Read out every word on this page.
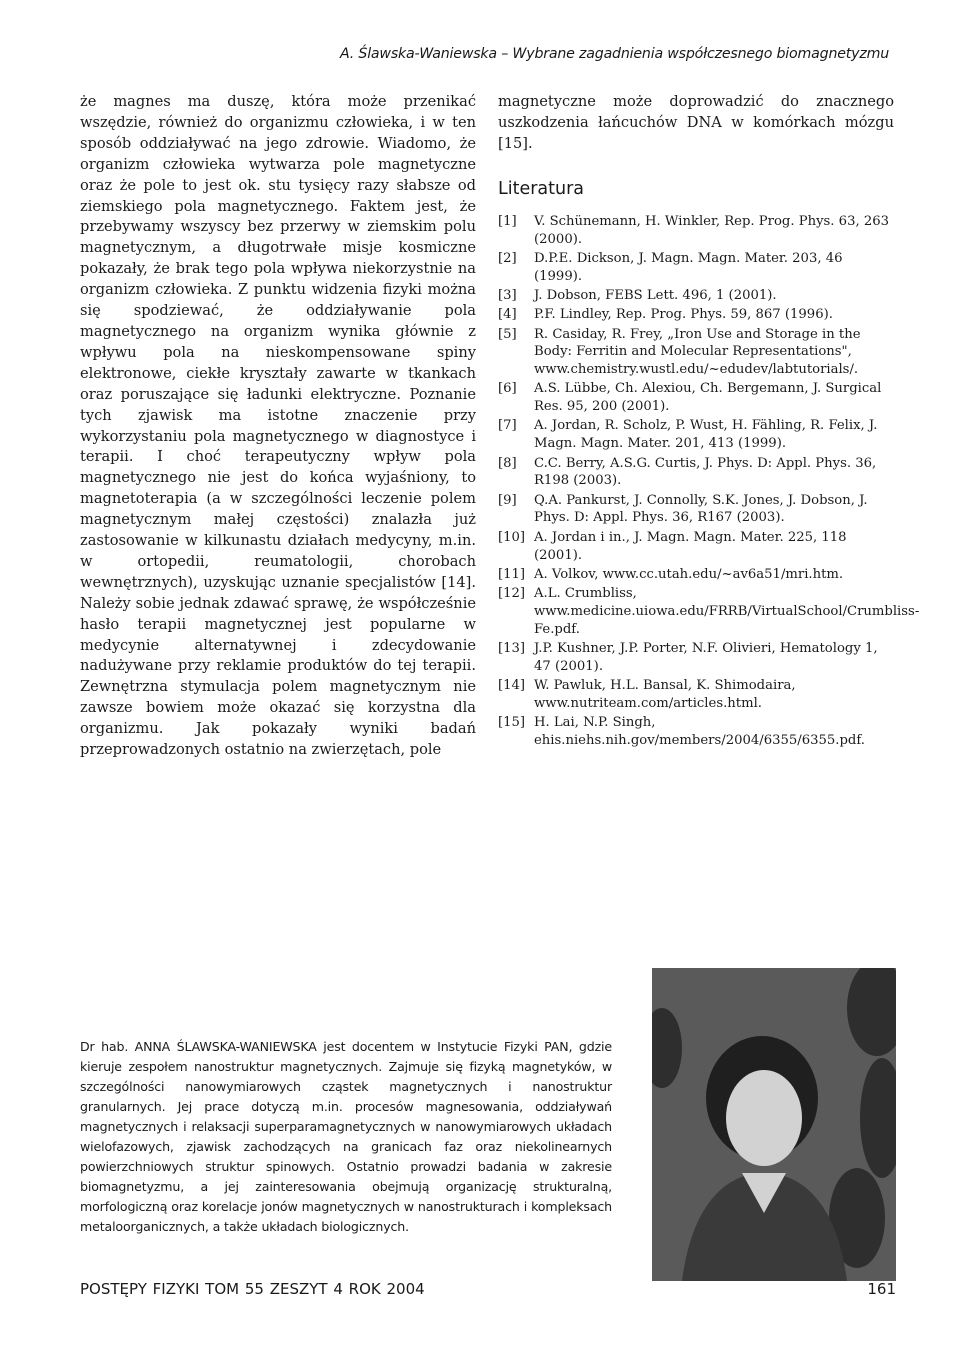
A. Ślawska-Waniewska – Wybrane zagadnienia współczesnego biomagnetyzmu

że magnes ma duszę, która może przenikać wszędzie, również do organizmu człowieka, i w ten sposób oddziaływać na jego zdrowie. Wiadomo, że organizm człowieka wytwarza pole magnetyczne oraz że pole to jest ok. stu tysięcy razy słabsze od ziemskiego pola magnetycznego. Faktem jest, że przebywamy wszyscy bez przerwy w ziemskim polu magnetycznym, a długotrwałe misje kosmiczne pokazały, że brak tego pola wpływa niekorzystnie na organizm człowieka. Z punktu widzenia fizyki można się spodziewać, że oddziaływanie pola magnetycznego na organizm wynika głównie z wpływu pola na nieskompensowane spiny elektronowe, ciekłe kryształy zawarte w tkankach oraz poruszające się ładunki elektryczne. Poznanie tych zjawisk ma istotne znaczenie przy wykorzystaniu pola magnetycznego w diagnostyce i terapii. I choć terapeutyczny wpływ pola magnetycznego nie jest do końca wyjaśniony, to magnetoterapia (a w szczególności leczenie polem magnetycznym małej częstości) znalazła już zastosowanie w kilkunastu działach medycyny, m.in. w ortopedii, reumatologii, chorobach wewnętrznych), uzyskując uznanie specjalistów [14]. Należy sobie jednak zdawać sprawę, że współcześnie hasło terapii magnetycznej jest popularne w medycynie alternatywnej i zdecydowanie nadużywane przy reklamie produktów do tej terapii. Zewnętrzna stymulacja polem magnetycznym nie zawsze bowiem może okazać się korzystna dla organizmu. Jak pokazały wyniki badań przeprowadzonych ostatnio na zwierzętach, pole

magnetyczne może doprowadzić do znacznego uszkodzenia łańcuchów DNA w komórkach mózgu [15].

Literatura
[1]	V. Schünemann, H. Winkler, Rep. Prog. Phys. 63, 263 (2000).
[2]	D.P.E. Dickson, J. Magn. Magn. Mater. 203, 46 (1999).
[3]	J. Dobson, FEBS Lett. 496, 1 (2001).
[4]	P.F. Lindley, Rep. Prog. Phys. 59, 867 (1996).
[5]	R. Casiday, R. Frey, „Iron Use and Storage in the Body: Ferritin and Molecular Representations", www.chemistry.wustl.edu/~edudev/labtutorials/.
[6]	A.S. Lübbe, Ch. Alexiou, Ch. Bergemann, J. Surgical Res. 95, 200 (2001).
[7]	A. Jordan, R. Scholz, P. Wust, H. Fähling, R. Felix, J. Magn. Magn. Mater. 201, 413 (1999).
[8]	C.C. Berry, A.S.G. Curtis, J. Phys. D: Appl. Phys. 36, R198 (2003).
[9]	Q.A. Pankurst, J. Connolly, S.K. Jones, J. Dobson, J. Phys. D: Appl. Phys. 36, R167 (2003).
[10] A. Jordan i in., J. Magn. Magn. Mater. 225, 118 (2001).
[11] A. Volkov, www.cc.utah.edu/~av6a51/mri.htm.
[12] A.L. Crumbliss, www.medicine.uiowa.edu/FRRB/VirtualSchool/Crumbliss-Fe.pdf.
[13] J.P. Kushner, J.P. Porter, N.F. Olivieri, Hematology 1, 47 (2001).
[14] W. Pawluk, H.L. Bansal, K. Shimodaira, www.nutriteam.com/articles.html.
[15] H. Lai, N.P. Singh, ehis.niehs.nih.gov/members/2004/6355/6355.pdf.
Dr hab. ANNA ŚLAWSKA-WANIEWSKA jest docentem w Instytucie Fizyki PAN, gdzie kieruje zespołem nanostruktur magnetycznych. Zajmuje się fizyką magnetyków, w szczególności nanowymiarowych cząstek magnetycznych i nanostruktur granularnych. Jej prace dotyczą m.in. procesów magnesowania, oddziaływań magnetycznych i relaksacji superparamagnetycznych w nanowymiarowych układach wielofazowych, zjawisk zachodzących na granicach faz oraz niekolinearnych powierzchniowych struktur spinowych. Ostatnio prowadzi badania w zakresie biomagnetyzmu, a jej zainteresowania obejmują organizację strukturalną, morfologiczną oraz korelacje jonów magnetycznych w nanostrukturach i kompleksach metaloorganicznych, a także układach biologicznych.
POSTĘPY FIZYKI TOM 55 ZESZYT 4 ROK 2004	161
